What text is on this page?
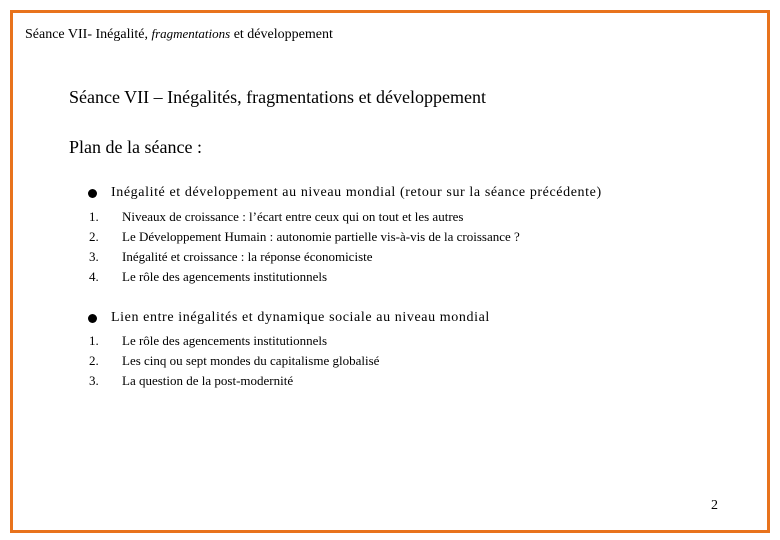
Séance VII- Inégalité, fragmentations et développement
Séance VII – Inégalités, fragmentations et développement
Plan de la séance :
Inégalité et développement au niveau mondial (retour sur la séance précédente)
1.	Niveaux de croissance : l’écart entre ceux qui on tout et les autres
2.	Le Développement Humain : autonomie partielle vis-à-vis de la croissance ?
3.	Inégalité et croissance : la réponse économiciste
4.	Le rôle des agencements institutionnels
Lien entre inégalités et dynamique sociale au niveau mondial
1.	Le rôle des agencements institutionnels
2.	Les cinq ou sept mondes du capitalisme globalisé
3.	La question de la post-modernité
2
